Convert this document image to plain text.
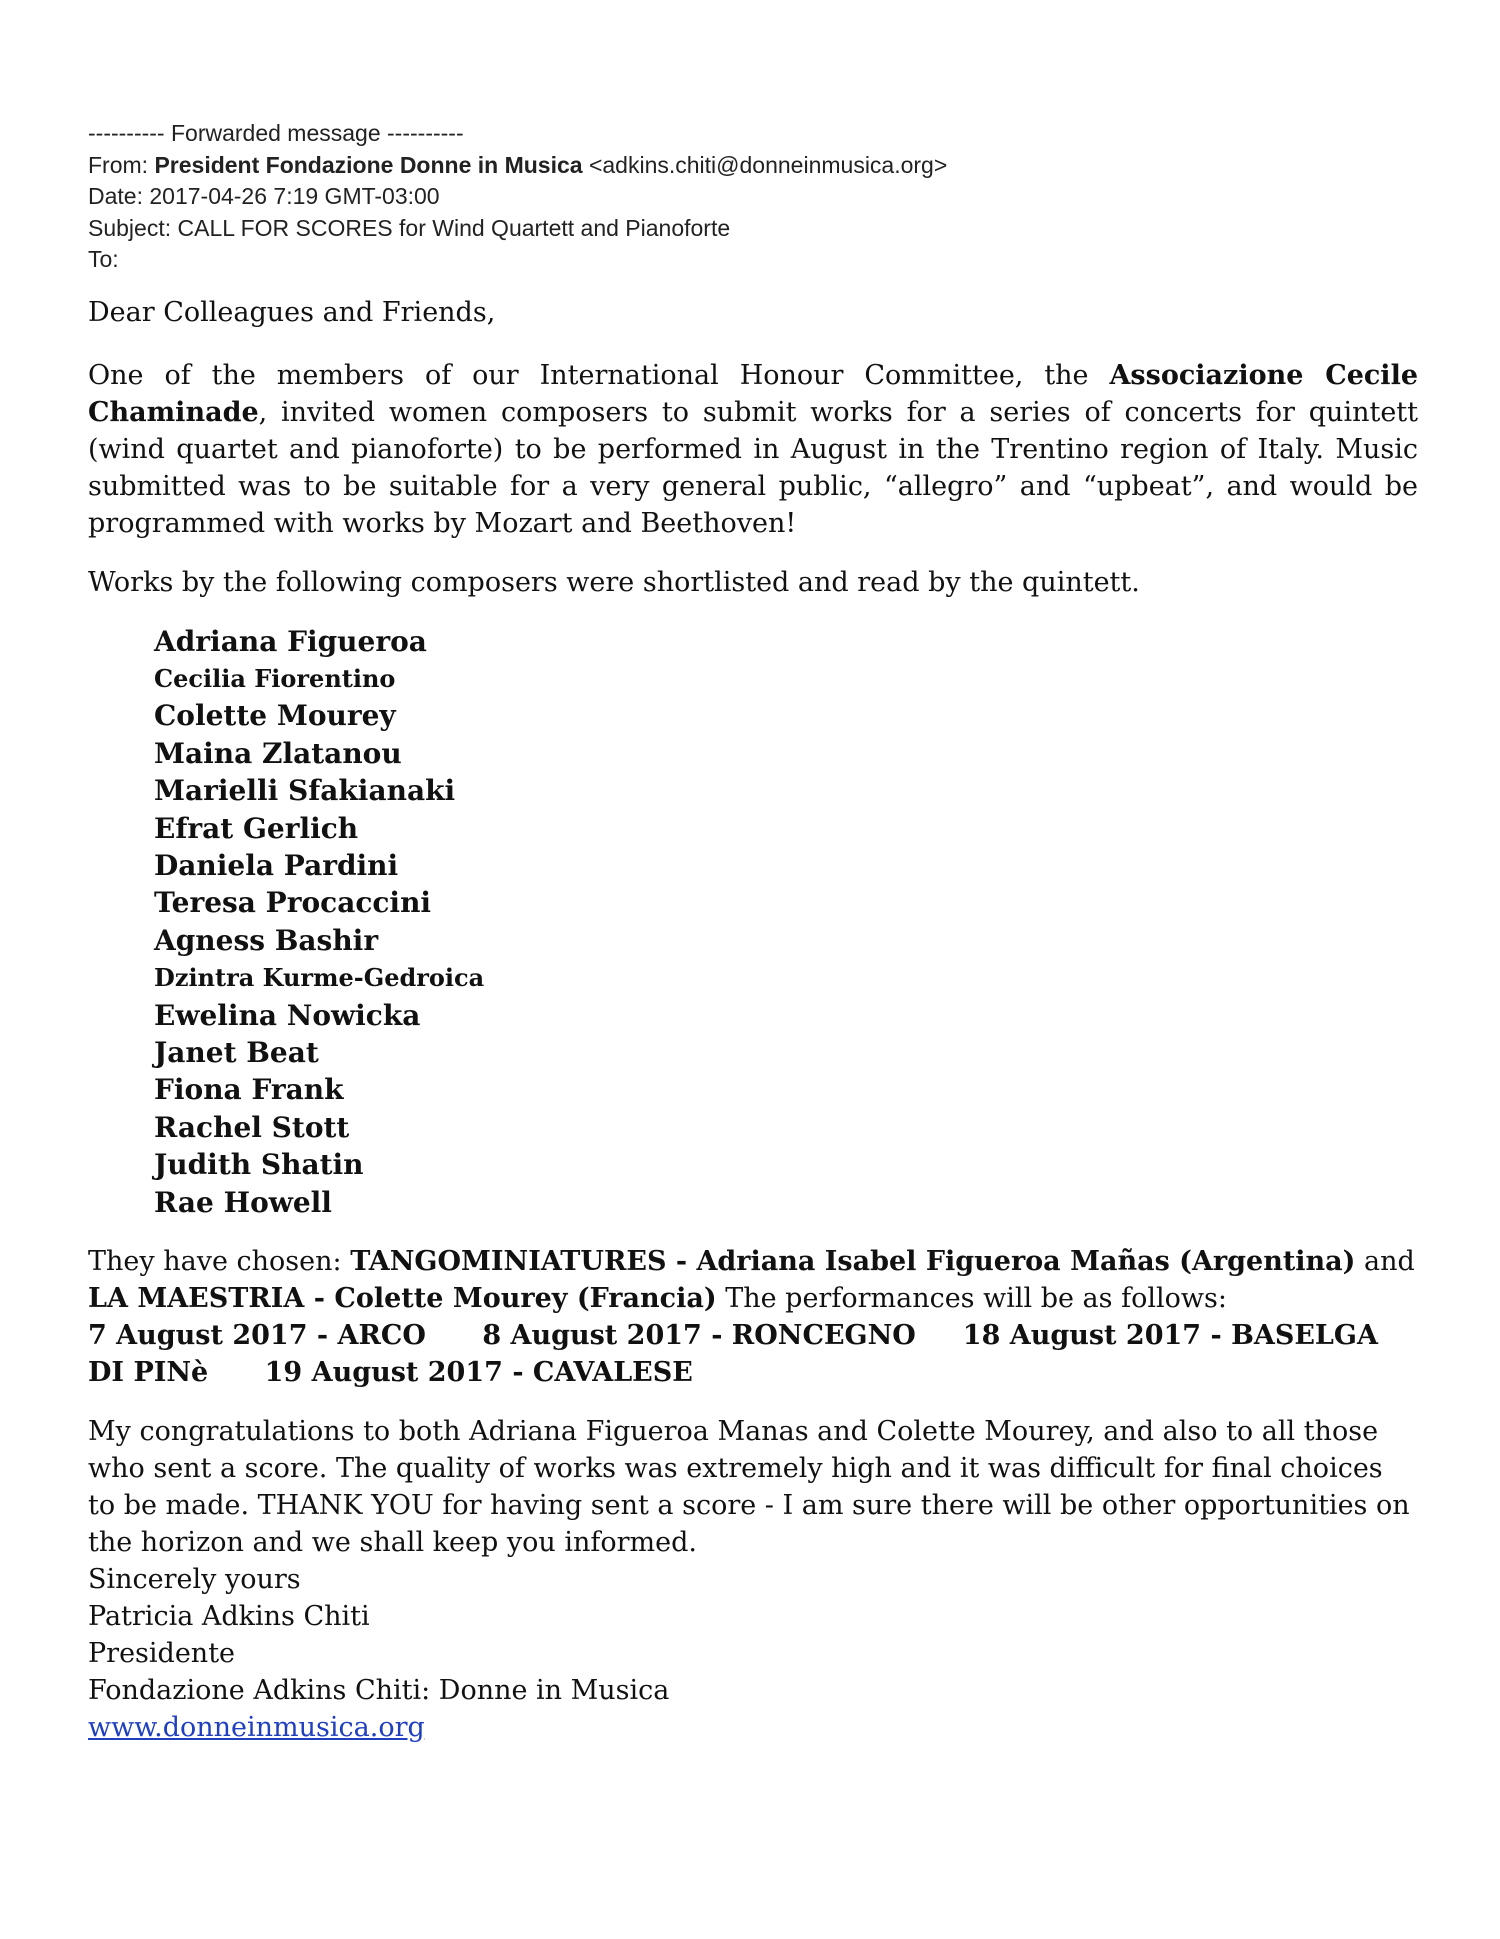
---------- Forwarded message ----------
From: President Fondazione Donne in Musica <adkins.chiti@donneinmusica.org>
Date: 2017-04-26 7:19 GMT-03:00
Subject: CALL FOR SCORES for Wind Quartett and Pianoforte
To:

Dear Colleagues and Friends,

One of the members of our International Honour Committee, the Associazione Cecile Chaminade, invited women composers to submit works for a series of concerts for quintett (wind quartet and pianoforte) to be performed in August in the Trentino region of Italy. Music submitted was to be suitable for a very general public, “allegro” and “upbeat”, and would be programmed with works by Mozart and Beethoven!

Works by the following composers were shortlisted and read by the quintett.

Adriana Figueroa
Cecilia Fiorentino
Colette Mourey
Maina Zlatanou
Marielli Sfakianaki
Efrat Gerlich
Daniela Pardini
Teresa Procaccini
Agness Bashir
Dzintra Kurme-Gedroica
Ewelina Nowicka
Janet Beat
Fiona Frank
Rachel Stott
Judith Shatin
Rae Howell
They have chosen: TANGOMINIATURES - Adriana Isabel Figueroa Mañas (Argentina) and LA MAESTRIA - Colette Mourey (Francia) The performances will be as follows:
7 August 2017 - ARCO 8 August 2017 - RONCEGNO 18 August 2017 - BASELGA DI PINè 19 August 2017 - CAVALESE

My congratulations to both Adriana Figueroa Manas and Colette Mourey, and also to all those who sent a score. The quality of works was extremely high and it was difficult for final choices to be made. THANK YOU for having sent a score - I am sure there will be other opportunities on the horizon and we shall keep you informed.

Sincerely yours
Patricia Adkins Chiti
Presidente
Fondazione Adkins Chiti: Donne in Musica
www.donneinmusica.org
